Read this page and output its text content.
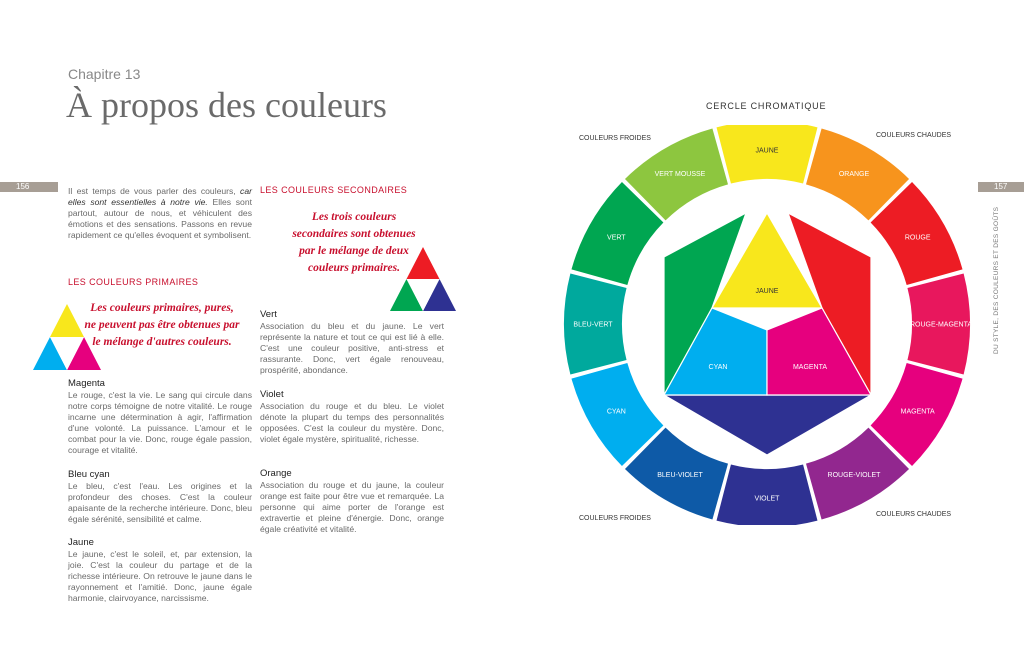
Chapitre 13
À propos des couleurs
156	157
DU STYLE, DES COULEURS ET DES GOÛTS
Il est temps de vous parler des couleurs, car elles sont essentielles à notre vie. Elles sont partout, autour de nous, et véhiculent des émotions et des sensations. Passons en revue rapidement ce qu'elles évoquent et symbolisent.
LES COULEURS PRIMAIRES
Les couleurs primaires, pures, ne peuvent pas être obtenues par le mélange d'autres couleurs.
Magenta
Le rouge, c'est la vie. Le sang qui circule dans notre corps témoigne de notre vitalité. Le rouge incarne une détermination à agir, l'affirmation d'une volonté. La puissance. L'amour et le combat pour la vie. Donc, rouge égale passion, courage et vitalité.
Bleu cyan
Le bleu, c'est l'eau. Les origines et la profondeur des choses. C'est la couleur apaisante de la recherche intérieure. Donc, bleu égale sérénité, sensibilité et calme.
Jaune
Le jaune, c'est le soleil, et, par extension, la joie. C'est la couleur du partage et de la richesse intérieure. On retrouve le jaune dans le rayonnement et l'amitié. Donc, jaune égale harmonie, clairvoyance, narcissisme.
LES COULEURS SECONDAIRES
Les trois couleurs secondaires sont obtenues par le mélange de deux couleurs primaires.
Vert
Association du bleu et du jaune. Le vert représente la nature et tout ce qui est lié à elle. C'est une couleur positive, anti-stress et rassurante. Donc, vert égale renouveau, prospérité, abondance.
Violet
Association du rouge et du bleu. Le violet dénote la plupart du temps des personnalités opposées. C'est la couleur du mystère. Donc, violet égale mystère, spiritualité, richesse.
Orange
Association du rouge et du jaune, la couleur orange est faite pour être vue et remarquée. La personne qui aime porter de l'orange est extravertie et pleine d'énergie. Donc, orange égale créativité et vitalité.
CERCLE CHROMATIQUE
COULEURS FROIDES	COULEURS CHAUDES
COULEURS FROIDES
COULEURS CHAUDES
JAUNE
ORANGE
ROUGE
ROUGE-MAGENTA
MAGENTA
ROUGE-VIOLET
VIOLET
BLEU-VIOLET
CYAN
BLEU-VERT
VERT
VERT MOUSSE
JAUNE
CYAN	MAGENTA
